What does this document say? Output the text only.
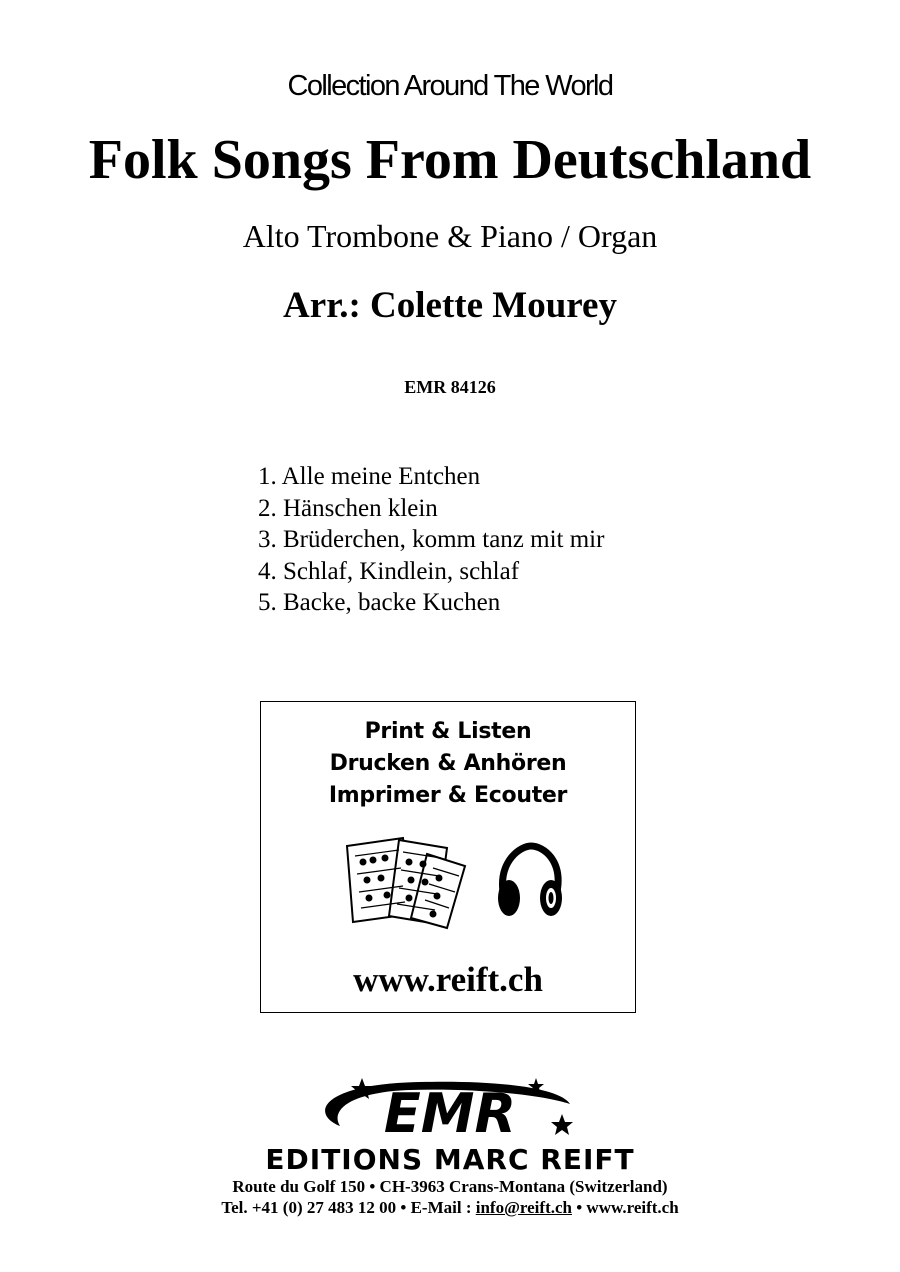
Collection Around The World
Folk Songs From Deutschland
Alto Trombone & Piano / Organ
Arr.: Colette Mourey
EMR 84126
1. Alle meine Entchen
2. Hänschen klein
3. Brüderchen, komm tanz mit mir
4. Schlaf, Kindlein, schlaf
5. Backe, backe Kuchen
Print & Listen
Drucken & Anhören
Imprimer & Ecouter
www.reift.ch
EMR
EDITIONS MARC REIFT
Route du Golf 150 • CH-3963 Crans-Montana (Switzerland)
Tel. +41 (0) 27 483 12 00 • E-Mail : info@reift.ch • www.reift.ch
